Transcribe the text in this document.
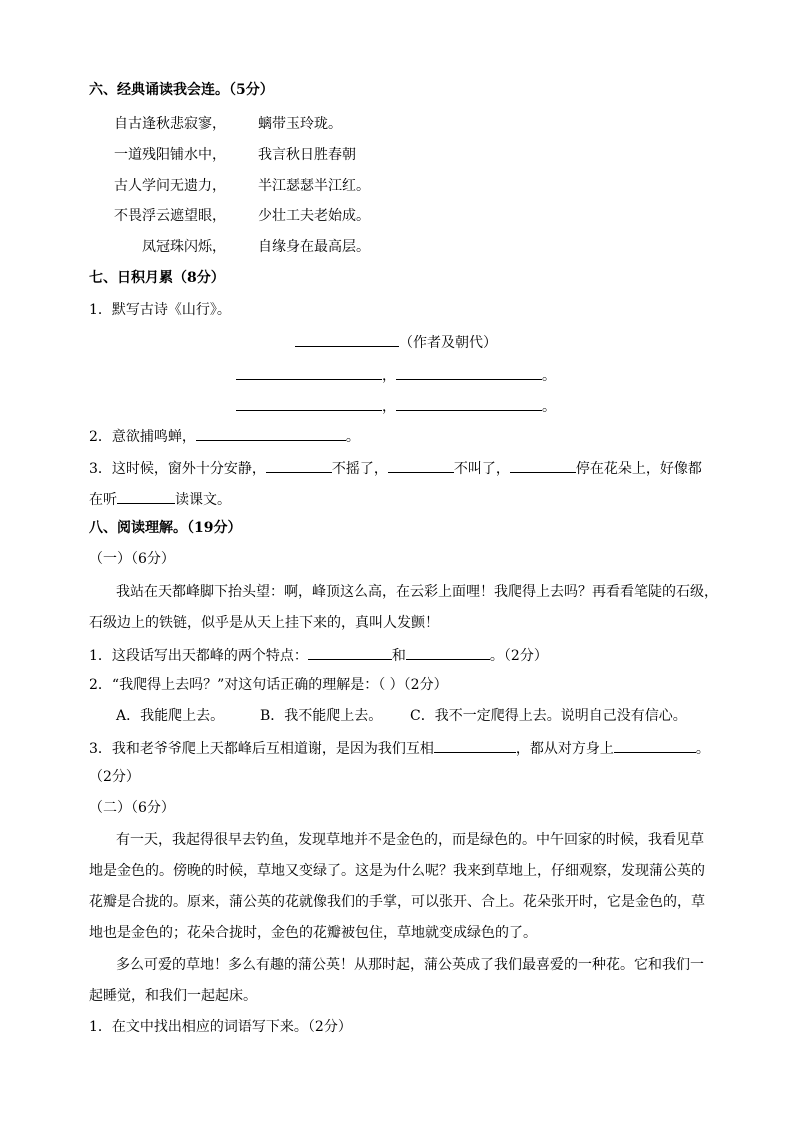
六、经典诵读我会连。（5分）
自古逢秋悲寂寥， 螭带玉玲珑。
一道残阳铺水中， 我言秋日胜春朝
古人学问无遗力， 半江瑟瑟半江红。
不畏浮云遮望眼， 少壮工夫老始成。
凤冠珠闪烁， 自缘身在最高层。
七、日积月累（8分）
1．默写古诗《山行》。
（作者及朝代）
，	。
，	。
2．意欲捕鸣蝉，	。
3．这时候，窗外十分安静，	不摇了，	不叫了，	停在花朵上，好像都
在听	读课文。
八、阅读理解。（19分）
（一）（6分）
我站在天都峰脚下抬头望：啊，峰顶这么高，在云彩上面哩！我爬得上去吗？再看看笔陡的石级，
石级边上的铁链，似乎是从天上挂下来的，真叫人发颤！
1．这段话写出天都峰的两个特点：	和	。（2分）
2．“我爬得上去吗？”对这句话正确的理解是：（ ）（2分）
A．我能爬上去。	B．我不能爬上去。 C．我不一定爬得上去。说明自己没有信心。
3．我和老爷爷爬上天都峰后互相道谢，是因为我们互相	，都从对方身上	。
（2分）
（二）（6分）
有一天，我起得很早去钓鱼，发现草地并不是金色的，而是绿色的。中午回家的时候，我看见草
地是金色的。傍晚的时候，草地又变绿了。这是为什么呢？我来到草地上，仔细观察，发现蒲公英的
花瓣是合拢的。原来，蒲公英的花就像我们的手掌，可以张开、合上。花朵张开时，它是金色的，草
地也是金色的；花朵合拢时，金色的花瓣被包住，草地就变成绿色的了。
多么可爱的草地！多么有趣的蒲公英！从那时起，蒲公英成了我们最喜爱的一种花。它和我们一
起睡觉，和我们一起起床。
1．在文中找出相应的词语写下来。（2分）
